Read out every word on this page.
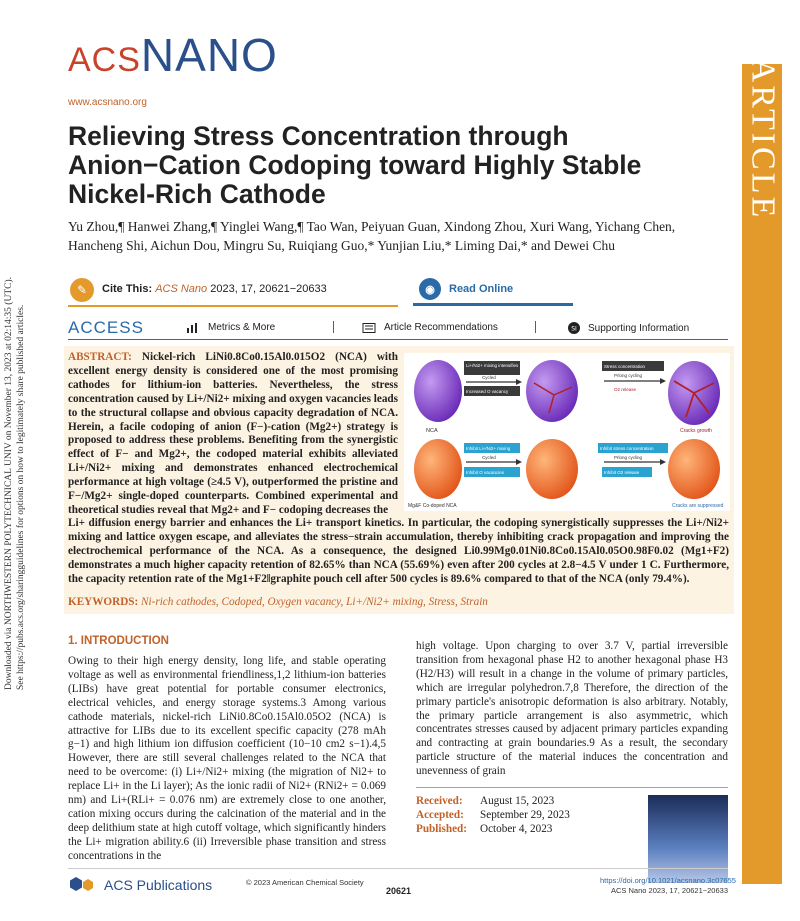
ACSNANO
www.acsnano.org	ARTICLE
Downloaded via NORTHWESTERN POLYTECHNICAL UNIV on November 13, 2023 at 02:14:35 (UTC). See https://pubs.acs.org/sharingguidelines for options on how to legitimately share published articles.
Relieving Stress Concentration through Anion−Cation Codoping toward Highly Stable Nickel-Rich Cathode
Yu Zhou,¶ Hanwei Zhang,¶ Yinglei Wang,¶ Tao Wan, Peiyuan Guan, Xindong Zhou, Xuri Wang, Yichang Chen, Hancheng Shi, Aichun Dou, Mingru Su, Ruiqiang Guo,* Yunjian Liu,* Liming Dai,* and Dewei Chu
✎	Cite This: ACS Nano 2023, 17, 20621−20633	◉	Read Online
ACCESS	Metrics & More	Article Recommendations	SI Supporting Information
ABSTRACT: Nickel-rich LiNi0.8Co0.15Al0.015O2 (NCA) with excellent energy density is considered one of the most promising cathodes for lithium-ion batteries. Nevertheless, the stress concentration caused by Li+/Ni2+ mixing and oxygen vacancies leads to the structural collapse and obvious capacity degradation of NCA. Herein, a facile codoping of anion (F−)-cation (Mg2+) strategy is proposed to address these problems. Benefiting from the synergistic effect of F− and Mg2+, the codoped material exhibits alleviated Li+/Ni2+ mixing and demonstrates enhanced electrochemical performance at high voltage (≥4.5 V), outperformed the pristine and F−/Mg2+ single-doped counterparts. Combined experimental and theoretical studies reveal that Mg2+ and F− codoping decreases the
NCA
Li+/Ni2+ mixing intensifies
Cycled
Increased O vacancy
Stress concentration
Prlong cycling
O2 release
Cracks growth
Mg&F Co-doped NCA
Inhibit Li+/Ni2+ mixing
Cycled
Inhibit O vacancies
Inhibit stress concentration
Prlong cycling
Inhibit O2 release
Cracks are suppressed
Li+ diffusion energy barrier and enhances the Li+ transport kinetics. In particular, the codoping synergistically suppresses the Li+/Ni2+ mixing and lattice oxygen escape, and alleviates the stress−strain accumulation, thereby inhibiting crack propagation and improving the electrochemical performance of the NCA. As a consequence, the designed Li0.99Mg0.01Ni0.8Co0.15Al0.05O0.98F0.02 (Mg1+F2) demonstrates a much higher capacity retention of 82.65% than NCA (55.69%) even after 200 cycles at 2.8−4.5 V under 1 C. Furthermore, the capacity retention rate of the Mg1+F2‖graphite pouch cell after 500 cycles is 89.6% compared to that of the NCA (only 79.4%).
KEYWORDS: Ni-rich cathodes, Codoped, Oxygen vacancy, Li+/Ni2+ mixing, Stress, Strain
1. INTRODUCTION
Owing to their high energy density, long life, and stable operating voltage as well as environmental friendliness,1,2 lithium-ion batteries (LIBs) have great potential for portable consumer electronics, electrical vehicles, and energy storage systems.3 Among various cathode materials, nickel-rich LiNi0.8Co0.15Al0.05O2 (NCA) is attractive for LIBs due to its excellent specific capacity (278 mAh g−1) and high lithium ion diffusion coefficient (10−10 cm2 s−1).4,5 However, there are still several challenges related to the NCA that need to be overcome: (i) Li+/Ni2+ mixing (the migration of Ni2+ to replace Li+ in the Li layer); As the ionic radii of Ni2+ (RNi2+ = 0.069 nm) and Li+(RLi+ = 0.076 nm) are extremely close to one another, cation mixing occurs during the calcination of the material and in the deep delithium state at high cutoff voltage, which significantly hinders the Li+ migration ability.6 (ii) Irreversible phase transition and stress concentrations in the
high voltage. Upon charging to over 3.7 V, partial irreversible transition from hexagonal phase H2 to another hexagonal phase H3 (H2/H3) will result in a change in the volume of primary particles, which are irregular polyhedron.7,8 Therefore, the direction of the primary particle's anisotropic deformation is also arbitrary. Notably, the primary particle arrangement is also asymmetric, which concentrates stresses caused by adjacent primary particles expanding and contracting at grain boundaries.9 As a result, the secondary particle structure of the material induces the concentration and unevenness of grain
Received: August 15, 2023
Accepted: September 29, 2023
Published: October 4, 2023
ACS Publications	© 2023 American Chemical Society
20621
https://doi.org/10.1021/acsnano.3c07655
ACS Nano 2023, 17, 20621−20633
